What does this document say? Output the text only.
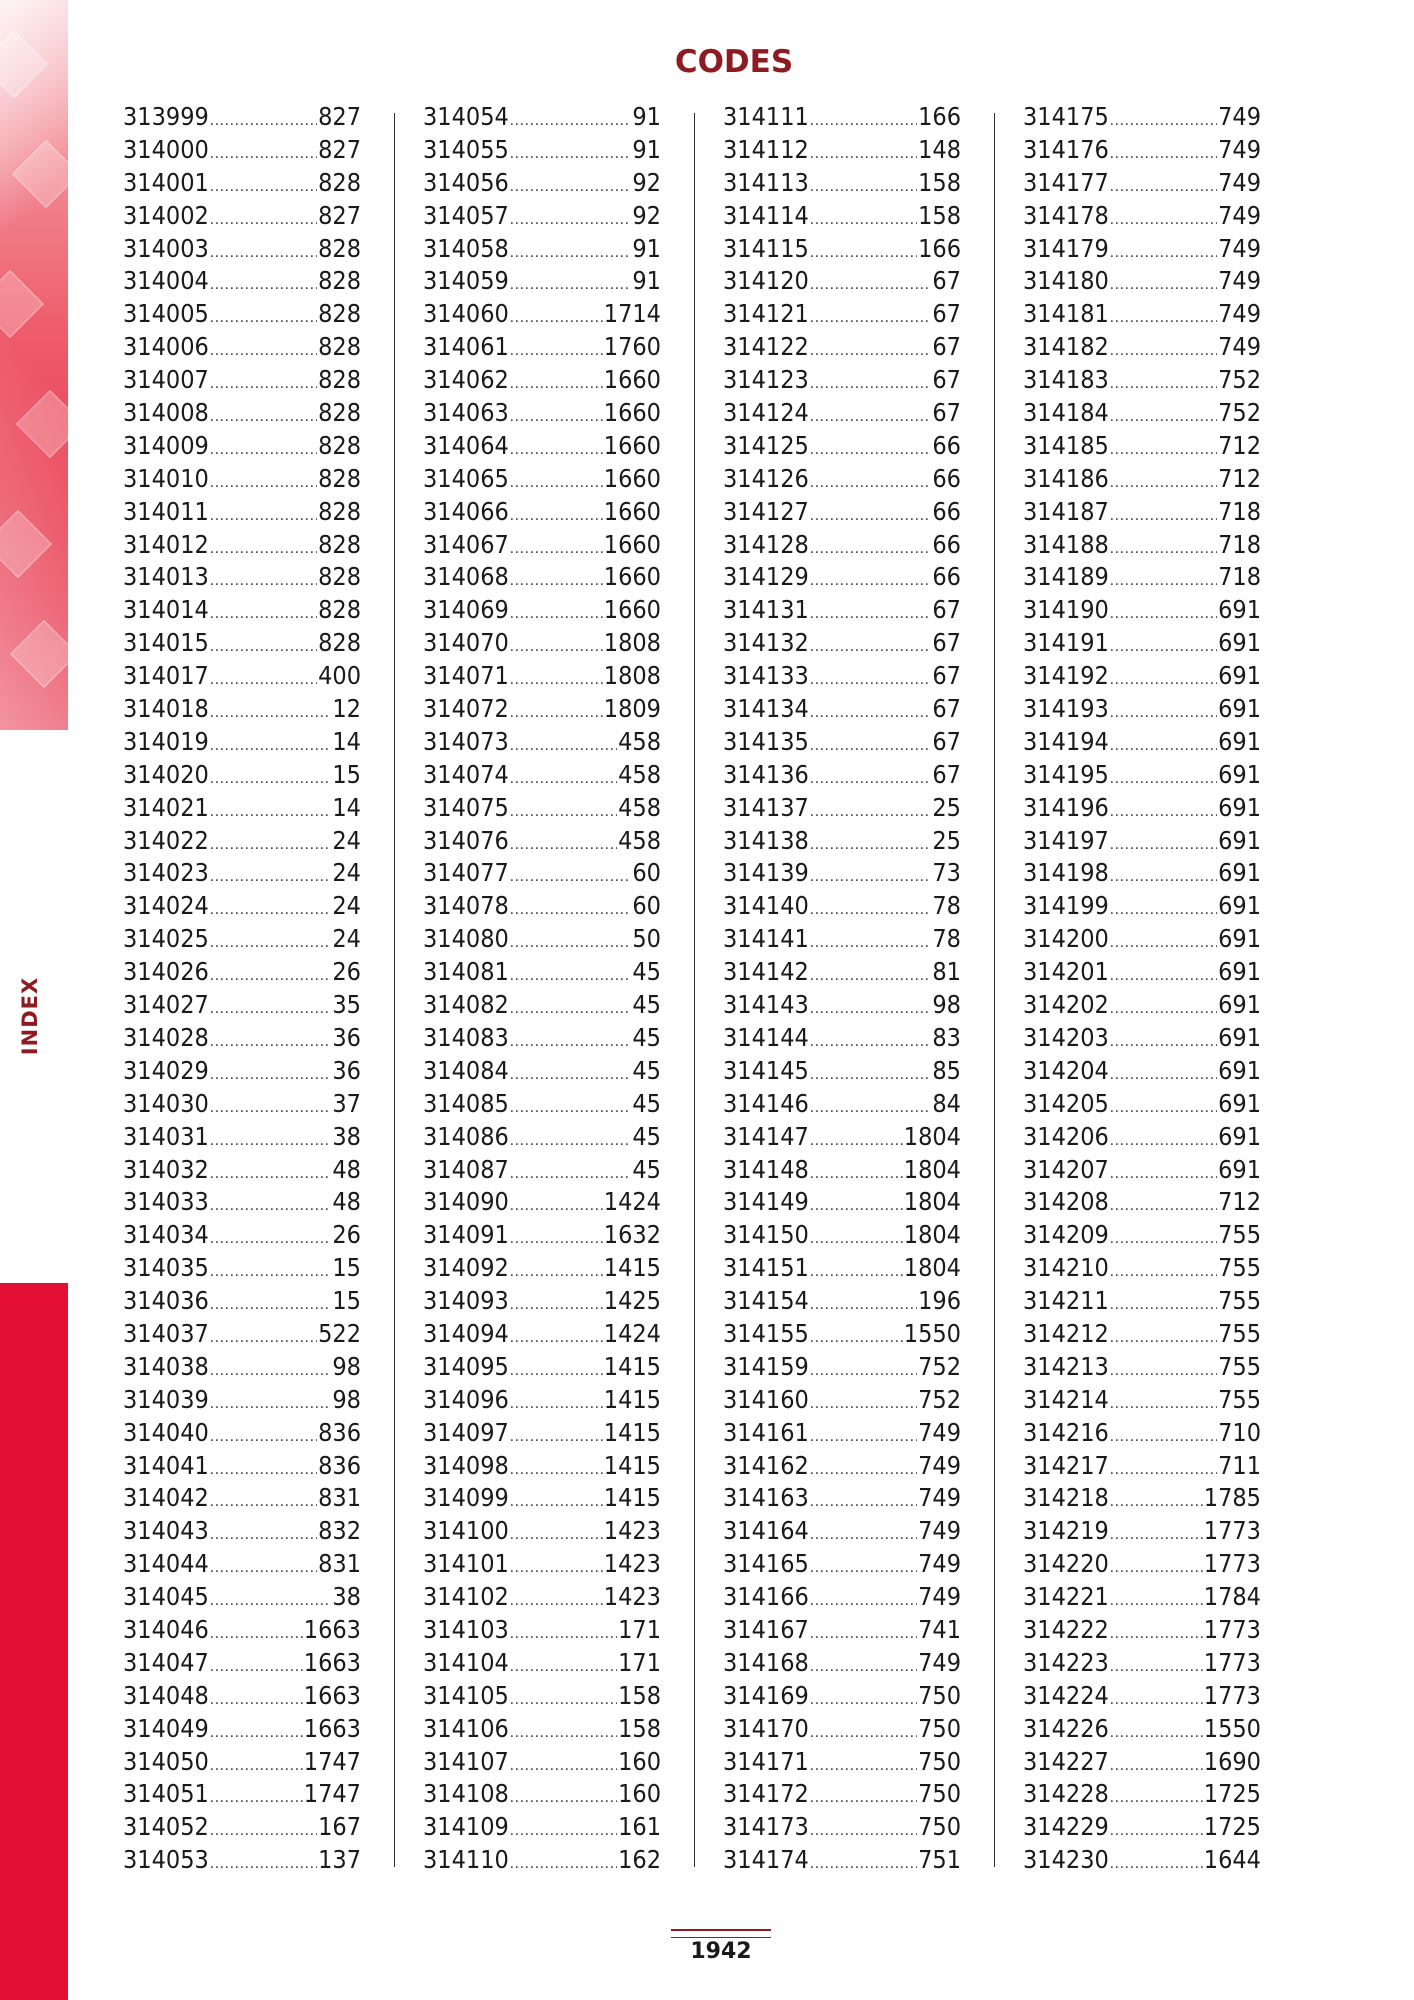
INDEX
CODES
313999 .....	827
314000 .....	827
314001 .....	828
314002 .....	827
314003 .....	828
314004 .....	828
314005 .....	828
314006 .....	828
314007 .....	828
314008 .....	828
314009 .....	828
314010 .....	828
314011 .....	828
314012 .....	828
314013 .....	828
314014 .....	828
314015 .....	828
314017 .....	400
314018 .....	12
314019 .....	14
314020 .....	15
314021 .....	14
314022 .....	24
314023 .....	24
314024 .....	24
314025 .....	24
314026 .....	26
314027 .....	35
314028 .....	36
314029 .....	36
314030 .....	37
314031 .....	38
314032 .....	48
314033 .....	48
314034 .....	26
314035 .....	15
314036 .....	15
314037 .....	522
314038 .....	98
314039 .....	98
314040 .....	836
314041 .....	836
314042 .....	831
314043 .....	832
314044 .....	831
314045 .....	38
314046 .....	1663
314047 .....	1663
314048 .....	1663
314049 .....	1663
314050 .....	1747
314051 .....	1747
314052 .....	167
314053 .....	137
314054 .....	91
314055 .....	91
314056 .....	92
314057 .....	92
314058 .....	91
314059 .....	91
314060 .....	1714
314061 .....	1760
314062 .....	1660
314063 .....	1660
314064 .....	1660
314065 .....	1660
314066 .....	1660
314067 .....	1660
314068 .....	1660
314069 .....	1660
314070 .....	1808
314071 .....	1808
314072 .....	1809
314073 .....	458
314074 .....	458
314075 .....	458
314076 .....	458
314077 .....	60
314078 .....	60
314080 .....	50
314081 .....	45
314082 .....	45
314083 .....	45
314084 .....	45
314085 .....	45
314086 .....	45
314087 .....	45
314090 .....	1424
314091 .....	1632
314092 .....	1415
314093 .....	1425
314094 .....	1424
314095 .....	1415
314096 .....	1415
314097 .....	1415
314098 .....	1415
314099 .....	1415
314100 .....	1423
314101 .....	1423
314102 .....	1423
314103 .....	171
314104 .....	171
314105 .....	158
314106 .....	158
314107 .....	160
314108 .....	160
314109 .....	161
314110 .....	162
314111 .....	166
314112 .....	148
314113 .....	158
314114 .....	158
314115 .....	166
314120 .....	67
314121 .....	67
314122 .....	67
314123 .....	67
314124 .....	67
314125 .....	66
314126 .....	66
314127 .....	66
314128 .....	66
314129 .....	66
314131 .....	67
314132 .....	67
314133 .....	67
314134 .....	67
314135 .....	67
314136 .....	67
314137 .....	25
314138 .....	25
314139 .....	73
314140 .....	78
314141 .....	78
314142 .....	81
314143 .....	98
314144 .....	83
314145 .....	85
314146 .....	84
314147 .....	1804
314148 .....	1804
314149 .....	1804
314150 .....	1804
314151 .....	1804
314154 .....	196
314155 .....	1550
314159 .....	752
314160 .....	752
314161 .....	749
314162 .....	749
314163 .....	749
314164 .....	749
314165 .....	749
314166 .....	749
314167 .....	741
314168 .....	749
314169 .....	750
314170 .....	750
314171 .....	750
314172 .....	750
314173 .....	750
314174 .....	751
314175 .....	749
314176 .....	749
314177 .....	749
314178 .....	749
314179 .....	749
314180 .....	749
314181 .....	749
314182 .....	749
314183 .....	752
314184 .....	752
314185 .....	712
314186 .....	712
314187 .....	718
314188 .....	718
314189 .....	718
314190 .....	691
314191 .....	691
314192 .....	691
314193 .....	691
314194 .....	691
314195 .....	691
314196 .....	691
314197 .....	691
314198 .....	691
314199 .....	691
314200 .....	691
314201 .....	691
314202 .....	691
314203 .....	691
314204 .....	691
314205 .....	691
314206 .....	691
314207 .....	691
314208 .....	712
314209 .....	755
314210 .....	755
314211 .....	755
314212 .....	755
314213 .....	755
314214 .....	755
314216 .....	710
314217 .....	711
314218 .....	1785
314219 .....	1773
314220 .....	1773
314221 .....	1784
314222 .....	1773
314223 .....	1773
314224 .....	1773
314226 .....	1550
314227 .....	1690
314228 .....	1725
314229 .....	1725
314230 .....	1644
1942
